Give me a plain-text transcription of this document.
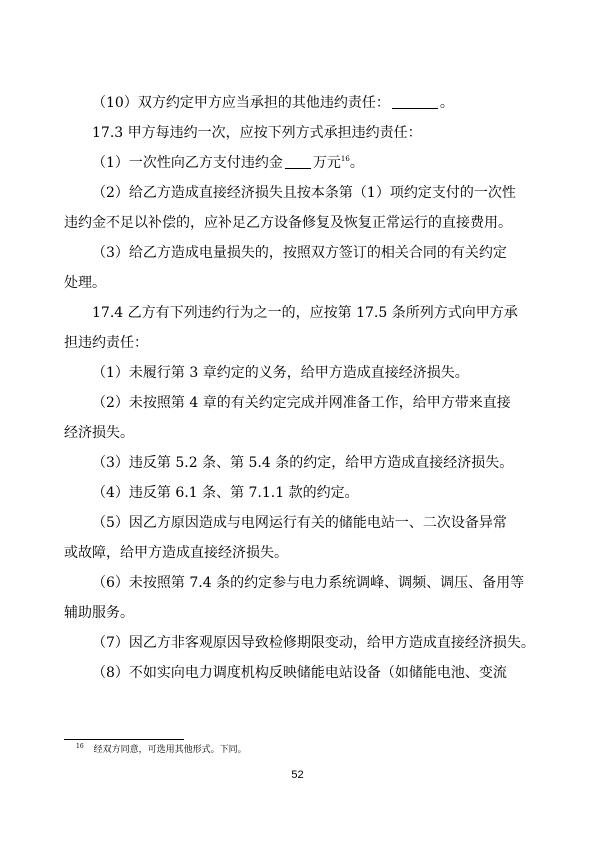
（10）双方约定甲方应当承担的其他违约责任：	。

17.3 甲方每违约一次，应按下列方式承担违约责任：

（1）一次性向乙方支付违约金 万元$^{16}$。

（2）给乙方造成直接经济损失且按本条第（1）项约定支付的一次性
违约金不足以补偿的，应补足乙方设备修复及恢复正常运行的直接费用。

（3）给乙方造成电量损失的，按照双方签订的相关合同的有关约定
处理。

17.4 乙方有下列违约行为之一的，应按第 17.5 条所列方式向甲方承
担违约责任：

（1）未履行第 3 章约定的义务，给甲方造成直接经济损失。

（2）未按照第 4 章的有关约定完成并网准备工作，给甲方带来直接
经济损失。

（3）违反第 5.2 条、第 5.4 条的约定，给甲方造成直接经济损失。

（4）违反第 6.1 条、第 7.1.1 款的约定。

（5）因乙方原因造成与电网运行有关的储能电站一、二次设备异常
或故障，给甲方造成直接经济损失。

（6）未按照第 7.4 条的约定参与电力系统调峰、调频、调压、备用等
辅助服务。

（7）因乙方非客观原因导致检修期限变动，给甲方造成直接经济损失。

（8）不如实向电力调度机构反映储能电站设备（如储能电池、变流

$^{16}$ 经双方同意，可选用其他形式。下同。
52
